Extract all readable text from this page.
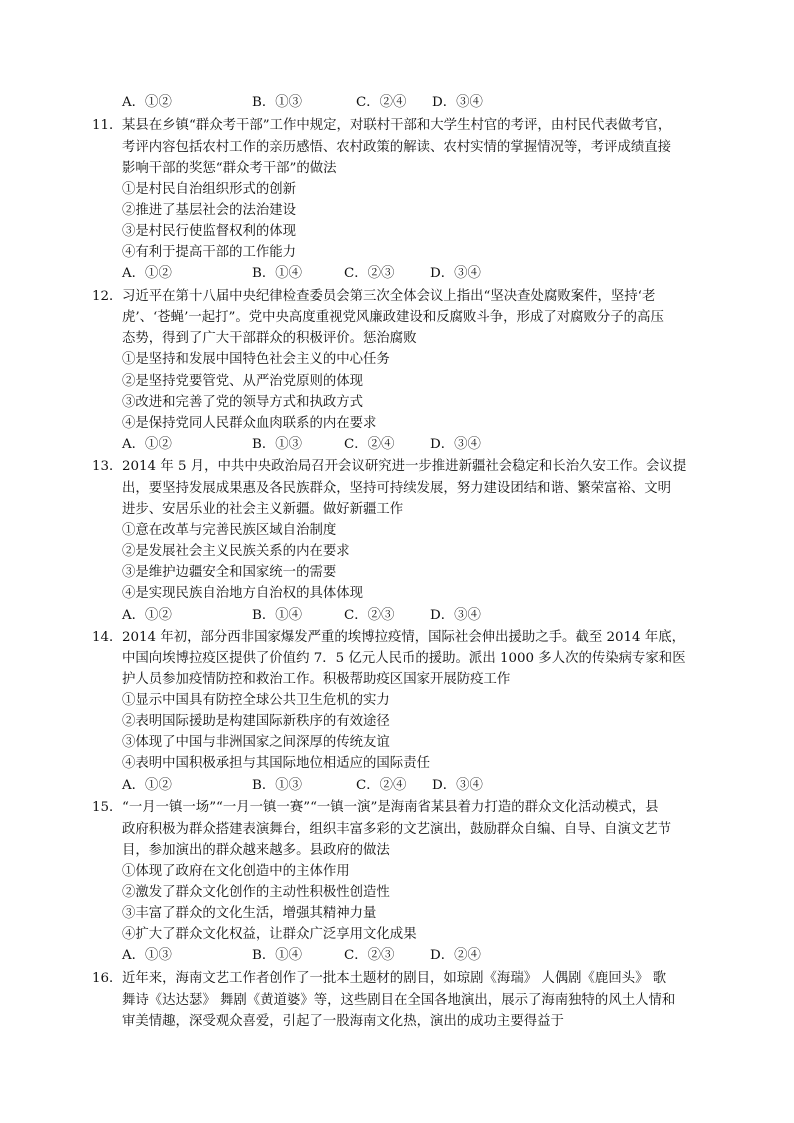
A．①②	B．①③	C．②④ D．③④
11． 某县在乡镇“群众考干部”工作中规定，对联村干部和大学生村官的考评，由村民代表做考官，
考评内容包括农村工作的亲历感悟、农村政策的解读、农村实情的掌握情况等，考评成绩直接
影响干部的奖惩“群众考干部”的做法
①是村民自治组织形式的创新
②推进了基层社会的法治建设
③是村民行使监督权利的体现
④有利于提高干部的工作能力
A．①②	B．①④	C．②③	D．③④
12． 习近平在第十八届中央纪律检查委员会第三次全体会议上指出“坚决查处腐败案件，坚持‘老
虎’、‘苍蝇’一起打”。党中央高度重视党风廉政建设和反腐败斗争，形成了对腐败分子的高压
态势，得到了广大干部群众的积极评价。惩治腐败
①是坚持和发展中国特色社会主义的中心任务
②是坚持党要管党、从严治党原则的体现
③改进和完善了党的领导方式和执政方式
④是保持党同人民群众血肉联系的内在要求
A．①②	B．①③	C．②④	D．③④
13． 2014 年 5 月，中共中央政治局召开会议研究进一步推进新疆社会稳定和长治久安工作。会议提
出，要坚持发展成果惠及各民族群众，坚持可持续发展，努力建设团结和谐、繁荣富裕、文明
进步、安居乐业的社会主义新疆。做好新疆工作
①意在改革与完善民族区域自治制度
②是发展社会主义民族关系的内在要求
③是维护边疆安全和国家统一的需要
④是实现民族自治地方自治权的具体体现
A．①②	B．①④	C．②③	D．③④
14． 2014 年初，部分西非国家爆发严重的埃博拉疫情，国际社会伸出援助之手。截至 2014 年底，
中国向埃博拉疫区提供了价值约 7．5 亿元人民币的援助。派出 1000 多人次的传染病专家和医
护人员参加疫情防控和救治工作。积极帮助疫区国家开展防疫工作
①显示中国具有防控全球公共卫生危机的实力
②表明国际援助是构建国际新秩序的有效途径
③体现了中国与非洲国家之间深厚的传统友谊
④表明中国积极承担与其国际地位相适应的国际责任
A．①②	B．①③	C．②④ D．③④
15． “一月一镇一场”“一月一镇一赛”“一镇一演”是海南省某县着力打造的群众文化活动模式，县
政府积极为群众搭建表演舞台，组织丰富多彩的文艺演出，鼓励群众自编、自导、自演文艺节
目，参加演出的群众越来越多。县政府的做法
①体现了政府在文化创造中的主体作用
②激发了群众文化创作的主动性积极性创造性
③丰富了群众的文化生活，增强其精神力量
④扩大了群众文化权益，让群众广泛享用文化成果
A．①③	B．①④	C．②③	D．②④
16． 近年来，海南文艺工作者创作了一批本土题材的剧目，如琼剧《海瑞》 人偶剧《鹿回头》 歌
舞诗《达达瑟》 舞剧《黄道婆》等，这些剧目在全国各地演出，展示了海南独特的风土人情和
审美情趣，深受观众喜爱，引起了一股海南文化热，演出的成功主要得益于
